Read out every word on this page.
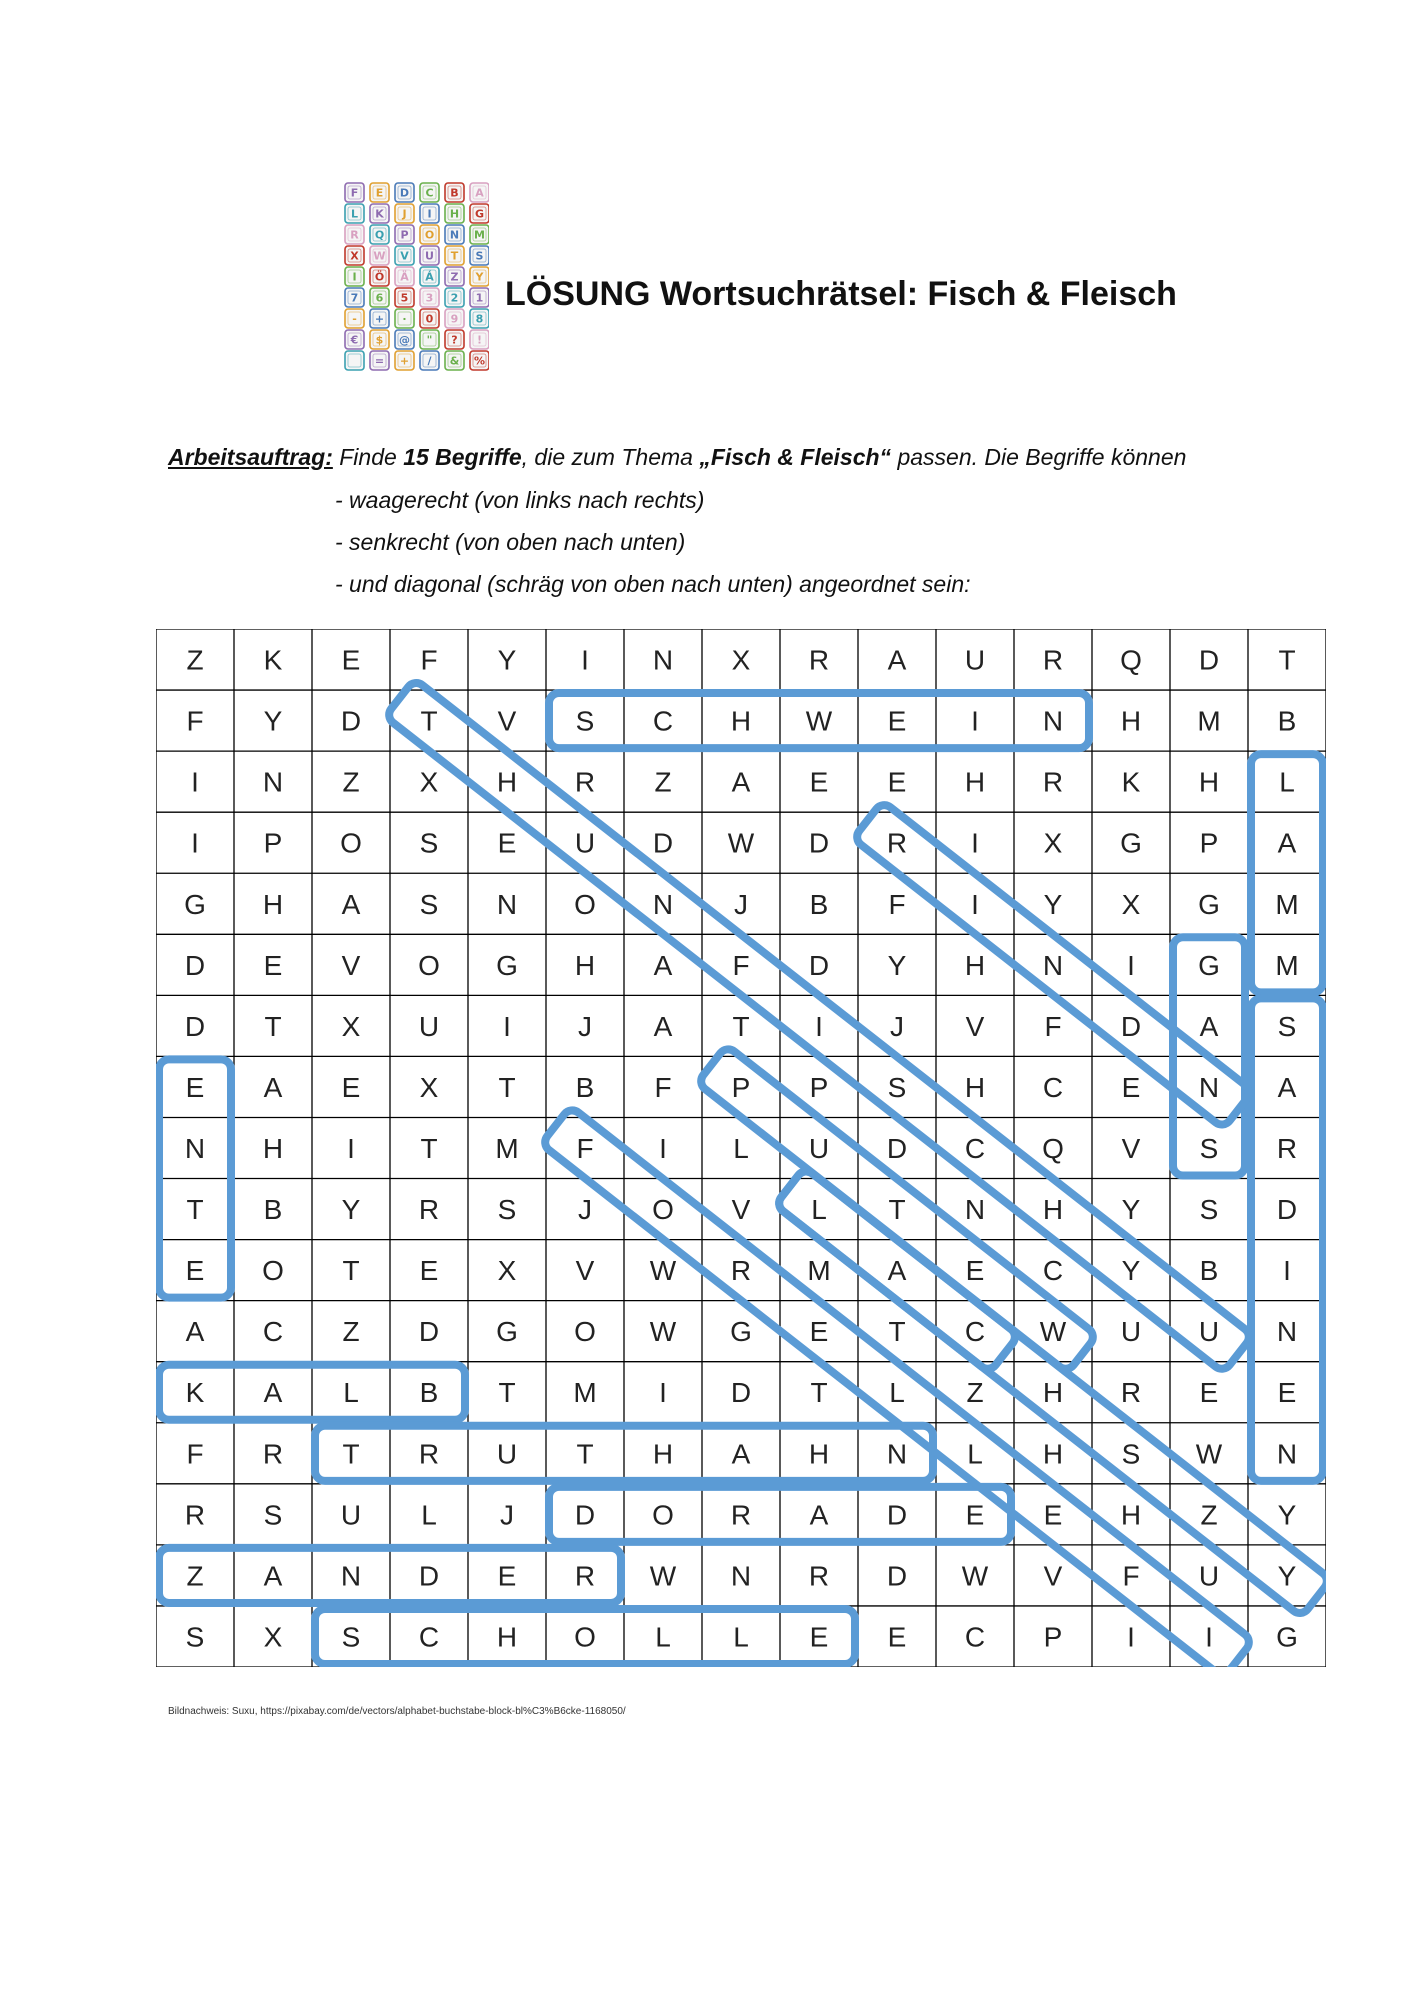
F E D C B A
L K J I H G
R Q P O N M
X W V U T S
I Ö Ä Á Z Y
7 6 5 3 2 1
- + · 0 9 8
€ $ @ " ? !
= + / & %
LÖSUNG Wortsuchrätsel: Fisch & Fleisch
Arbeitsauftrag: Finde 15 Begriffe, die zum Thema „Fisch & Fleisch“ passen. Die Begriffe können
- waagerecht (von links nach rechts)
- senkrecht (von oben nach unten)
- und diagonal (schräg von oben nach unten) angeordnet sein:
Z K E F Y I N X R A U R Q D T
F Y D T V S C H W E I N H M B
I N Z X H R Z A E E H R K H L
I P O S E U D W D R I X G P A
G H A S N O N J B F I Y X G M
D E V O G H A F D Y H N I G M
D T X U I J A T I J V F D A S
E A E X T B F P P S H C E N A
N H I T M F I L U D C Q V S R
T B Y R S J O V L T N H Y S D
E O T E X V W R M A E C Y B I
A C Z D G O W G E T C W U U N
K A L B T M I D T L Z H R E E
F R T R U T H A H N L H S W N
R S U L J D O R A D E E H Z Y
Z A N D E R W N R D W V F U Y
S X S C H O L L E E C P I	I G
Bildnachweis: Suxu, https://pixabay.com/de/vectors/alphabet-buchstabe-block-bl%C3%B6cke-1168050/
